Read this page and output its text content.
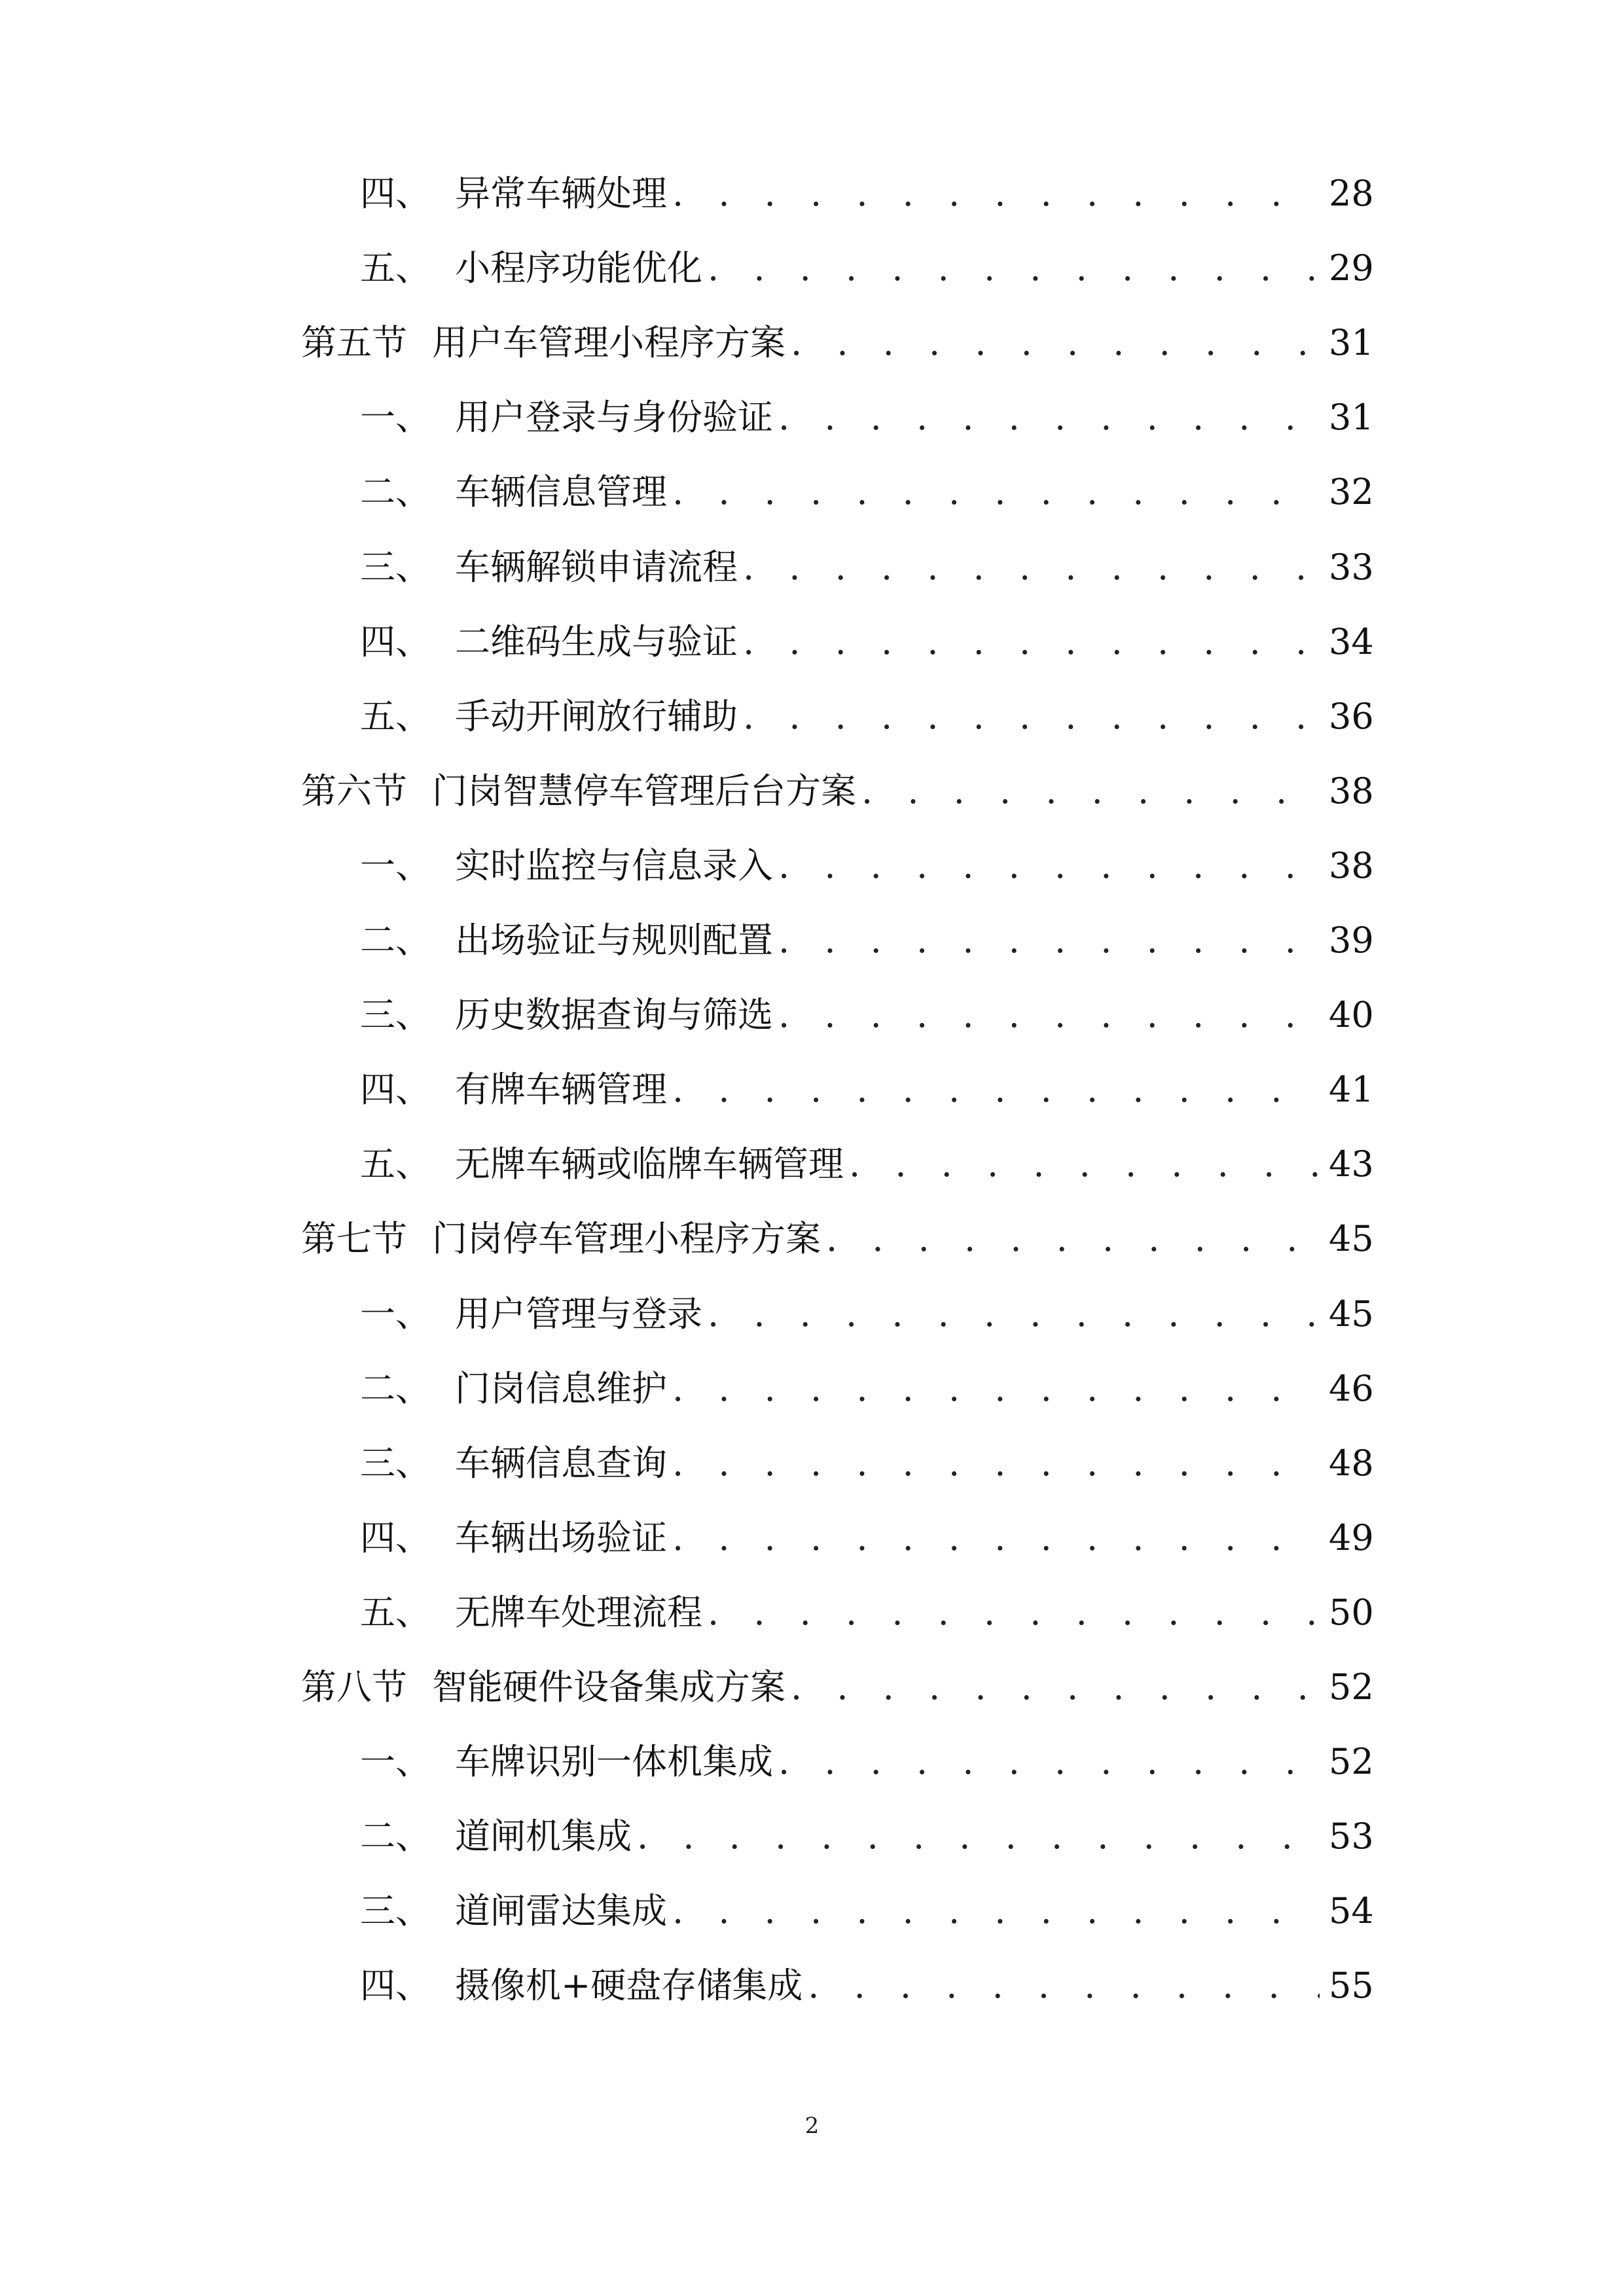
四、 异常车辆处理 . . .	28
五、 小程序功能优化 . . .	29
第五节 用户车管理小程序方案 . . .	31
一、 用户登录与身份验证 . . .	31
二、 车辆信息管理 . . .	32
三、 车辆解锁申请流程 . . .	33
四、 二维码生成与验证 . . .	34
五、 手动开闸放行辅助 . . .	36
第六节 门岗智慧停车管理后台方案 . . .	38
一、 实时监控与信息录入 . . .	38
二、 出场验证与规则配置 . . .	39
三、 历史数据查询与筛选 . . .	40
四、 有牌车辆管理 . . .	41
五、 无牌车辆或临牌车辆管理 . . .	43
第七节 门岗停车管理小程序方案 . . .	45
一、 用户管理与登录 . . .	45
二、 门岗信息维护 . . .	46
三、 车辆信息查询 . . .	48
四、 车辆出场验证 . . .	49
五、 无牌车处理流程 . . .	50
第八节 智能硬件设备集成方案 . . .	52
一、 车牌识别一体机集成 . . .	52
二、 道闸机集成 . . .	53
三、 道闸雷达集成 . . .	54
四、 摄像机+硬盘存储集成 . . .	55
2
